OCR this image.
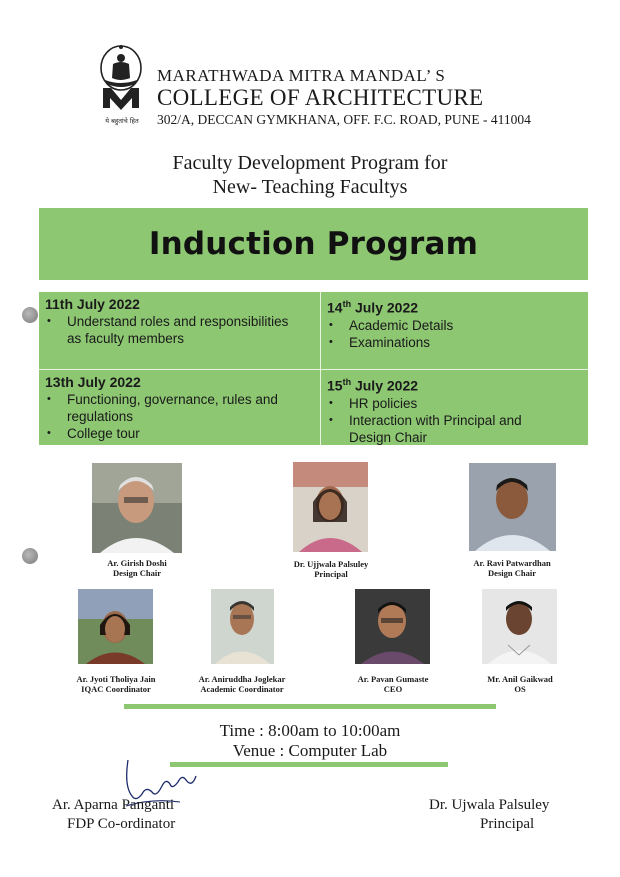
ये बहुतांचे हित
MARATHWADA MITRA MANDAL’ S
COLLEGE OF ARCHITECTURE
302/A, DECCAN GYMKHANA, OFF. F.C. ROAD, PUNE - 411004
Faculty Development Program for
New- Teaching Facultys
Induction Program
11th July 2022
• Understand roles and responsibilities
as faculty members
14th July 2022
• Academic Details
• Examinations
13th July 2022
• Functioning, governance, rules and
regulations
• College tour
15th July 2022
• HR policies
• Interaction with Principal and
Design Chair
Ar. Girish Doshi
Design Chair
Dr. Ujjwala Palsuley
Principal
Ar. Ravi Patwardhan
Design Chair
Ar. Jyoti Tholiya Jain
IQAC Coordinator
Ar. Aniruddha Joglekar
Academic Coordinator
Ar. Pavan Gumaste
CEO
Mr. Anil Gaikwad
OS
Time : 8:00am to 10:00am
Venue : Computer Lab
Ar. Aparna Panganti
FDP Co-ordinator
Dr. Ujwala Palsuley
Principal
